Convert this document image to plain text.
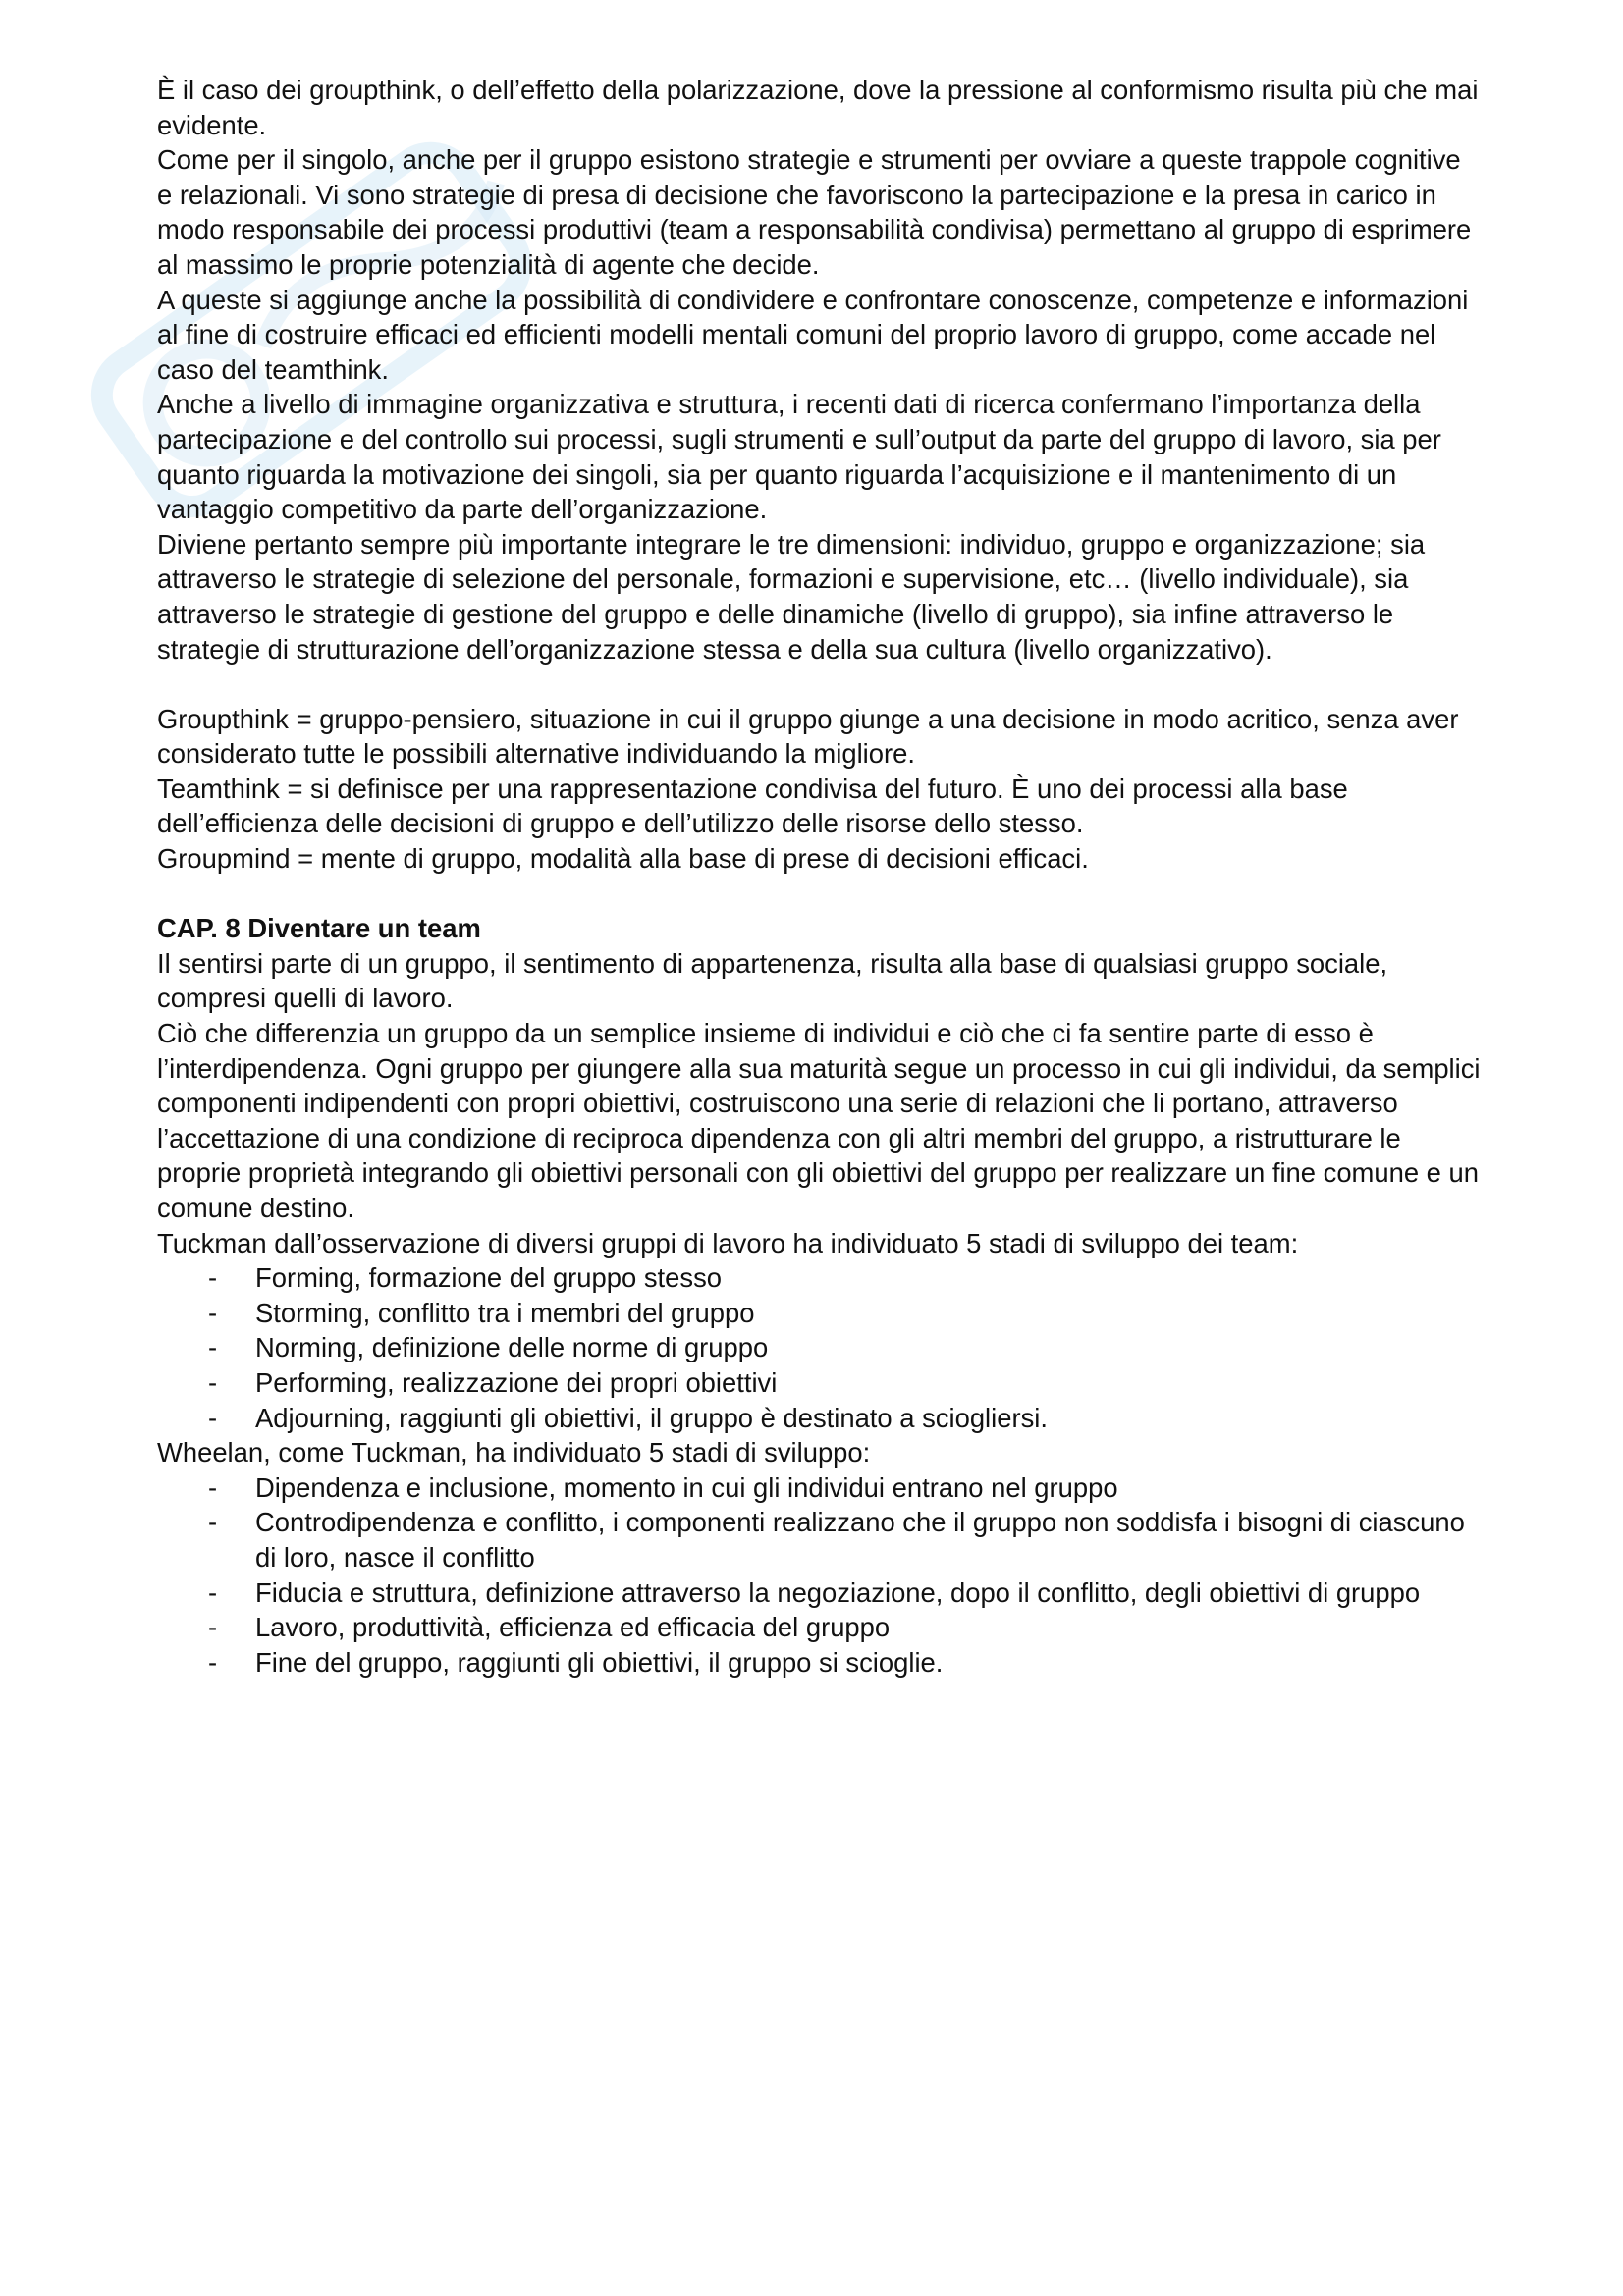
È il caso dei groupthink, o dell’effetto della polarizzazione, dove la pressione al conformismo risulta più che mai evidente.

Come per il singolo, anche per il gruppo esistono strategie e strumenti per ovviare a queste trappole cognitive e relazionali. Vi sono strategie di presa di decisione che favoriscono la partecipazione e la presa in carico in modo responsabile dei processi produttivi (team a responsabilità condivisa) permettano al gruppo di esprimere al massimo le proprie potenzialità di agente che decide.

A queste si aggiunge anche la possibilità di condividere e confrontare conoscenze, competenze e informazioni al fine di costruire efficaci ed efficienti modelli mentali comuni del proprio lavoro di gruppo, come accade nel caso del teamthink.

Anche a livello di immagine organizzativa e struttura, i recenti dati di ricerca confermano l’importanza della partecipazione e del controllo sui processi, sugli strumenti e sull’output da parte del gruppo di lavoro, sia per quanto riguarda la motivazione dei singoli, sia per quanto riguarda l’acquisizione e il mantenimento di un vantaggio competitivo da parte dell’organizzazione.

Diviene pertanto sempre più importante integrare le tre dimensioni: individuo, gruppo e organizzazione; sia attraverso le strategie di selezione del personale, formazioni e supervisione, etc… (livello individuale), sia attraverso le strategie di gestione del gruppo e delle dinamiche (livello di gruppo), sia infine attraverso le strategie di strutturazione dell’organizzazione stessa e della sua cultura (livello organizzativo).

Groupthink = gruppo-pensiero, situazione in cui il gruppo giunge a una decisione in modo acritico, senza aver considerato tutte le possibili alternative individuando la migliore.

Teamthink = si definisce per una rappresentazione condivisa del futuro. È uno dei processi alla base dell’efficienza delle decisioni di gruppo e dell’utilizzo delle risorse dello stesso.

Groupmind = mente di gruppo, modalità alla base di prese di decisioni efficaci.

CAP. 8 Diventare un team

Il sentirsi parte di un gruppo, il sentimento di appartenenza, risulta alla base di qualsiasi gruppo sociale, compresi quelli di lavoro.

Ciò che differenzia un gruppo da un semplice insieme di individui e ciò che ci fa sentire parte di esso è l’interdipendenza. Ogni gruppo per giungere alla sua maturità segue un processo in cui gli individui, da semplici componenti indipendenti con propri obiettivi, costruiscono una serie di relazioni che li portano, attraverso l’accettazione di una condizione di reciproca dipendenza con gli altri membri del gruppo, a ristrutturare le proprie proprietà integrando gli obiettivi personali con gli obiettivi del gruppo per realizzare un fine comune e un comune destino.

Tuckman dall’osservazione di diversi gruppi di lavoro ha individuato 5 stadi di sviluppo dei team:

- Forming, formazione del gruppo stesso
- Storming, conflitto tra i membri del gruppo
- Norming, definizione delle norme di gruppo
- Performing, realizzazione dei propri obiettivi
- Adjourning, raggiunti gli obiettivi, il gruppo è destinato a sciogliersi.

Wheelan, come Tuckman, ha individuato 5 stadi di sviluppo:

- Dipendenza e inclusione, momento in cui gli individui entrano nel gruppo
- Controdipendenza e conflitto, i componenti realizzano che il gruppo non soddisfa i bisogni di ciascuno di loro, nasce il conflitto
- Fiducia e struttura, definizione attraverso la negoziazione, dopo il conflitto, degli obiettivi di gruppo
- Lavoro, produttività, efficienza ed efficacia del gruppo
- Fine del gruppo, raggiunti gli obiettivi, il gruppo si scioglie.
